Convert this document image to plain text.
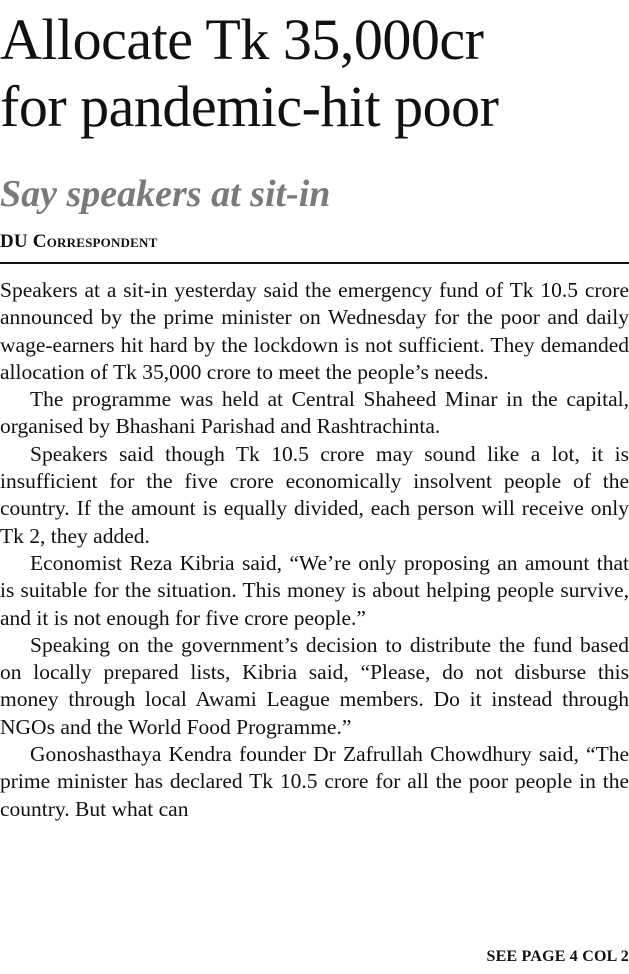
Allocate Tk 35,000cr
for pandemic-hit poor
Say speakers at sit-in
DU Correspondent

Speakers at a sit-in yesterday said the emergency fund of Tk 10.5 crore announced by the prime minister on Wednesday for the poor and daily wage-earners hit hard by the lockdown is not sufficient. They demanded allocation of Tk 35,000 crore to meet the people’s needs.

The programme was held at Central Shaheed Minar in the capital, organised by Bhashani Parishad and Rashtrachinta.

Speakers said though Tk 10.5 crore may sound like a lot, it is insufficient for the five crore economically insolvent people of the country. If the amount is equally divided, each person will receive only Tk 2, they added.

Economist Reza Kibria said, “We’re only proposing an amount that is suitable for the situation. This money is about helping people survive, and it is not enough for five crore people.”

Speaking on the government’s decision to distribute the fund based on locally prepared lists, Kibria said, “Please, do not disburse this money through local Awami League members. Do it instead through NGOs and the World Food Programme.”

Gonoshasthaya Kendra founder Dr Zafrullah Chowdhury said, “The prime minister has declared Tk 10.5 crore for all the poor people in the country. But what can

SEE PAGE 4 COL 2
